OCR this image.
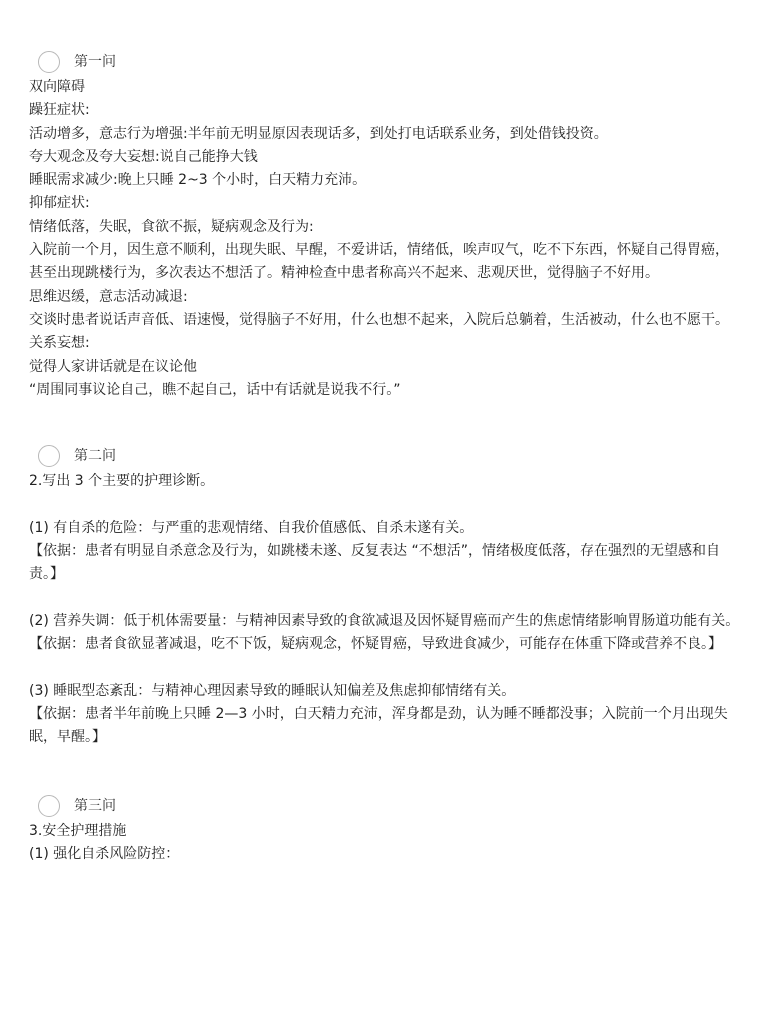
第一问
双向障碍
躁狂症状:
活动增多，意志行为增强:半年前无明显原因表现话多，到处打电话联系业务，到处借钱投资。
夸大观念及夸大妄想:说自己能挣大钱
睡眠需求减少:晚上只睡 2~3 个小时，白天精力充沛。
抑郁症状:
情绪低落，失眠，食欲不振，疑病观念及行为:
入院前一个月，因生意不顺利，出现失眠、早醒，不爱讲话，情绪低，唉声叹气，吃不下东西，怀疑自己得胃癌，甚至出现跳楼行为，多次表达不想活了。精神检查中患者称高兴不起来、悲观厌世，觉得脑子不好用。
思维迟缓，意志活动减退:
交谈时患者说话声音低、语速慢，觉得脑子不好用，什么也想不起来，入院后总躺着，生活被动，什么也不愿干。
关系妄想:
觉得人家讲话就是在议论他
“周围同事议论自己，瞧不起自己，话中有话就是说我不行。”
第二问
2.写出 3 个主要的护理诊断。
(1) 有自杀的危险：与严重的悲观情绪、自我价值感低、自杀未遂有关。
【依据：患者有明显自杀意念及行为，如跳楼未遂、反复表达 “不想活”，情绪极度低落，存在强烈的无望感和自责。】
(2) 营养失调：低于机体需要量：与精神因素导致的食欲减退及因怀疑胃癌而产生的焦虑情绪影响胃肠道功能有关。
【依据：患者食欲显著减退，吃不下饭，疑病观念，怀疑胃癌，导致进食减少，可能存在体重下降或营养不良。】
(3) 睡眠型态紊乱：与精神心理因素导致的睡眠认知偏差及焦虑抑郁情绪有关。
【依据：患者半年前晚上只睡 2—3 小时，白天精力充沛，浑身都是劲，认为睡不睡都没事；入院前一个月出现失眠，早醒。】
第三问
3.安全护理措施
(1) 强化自杀风险防控：
